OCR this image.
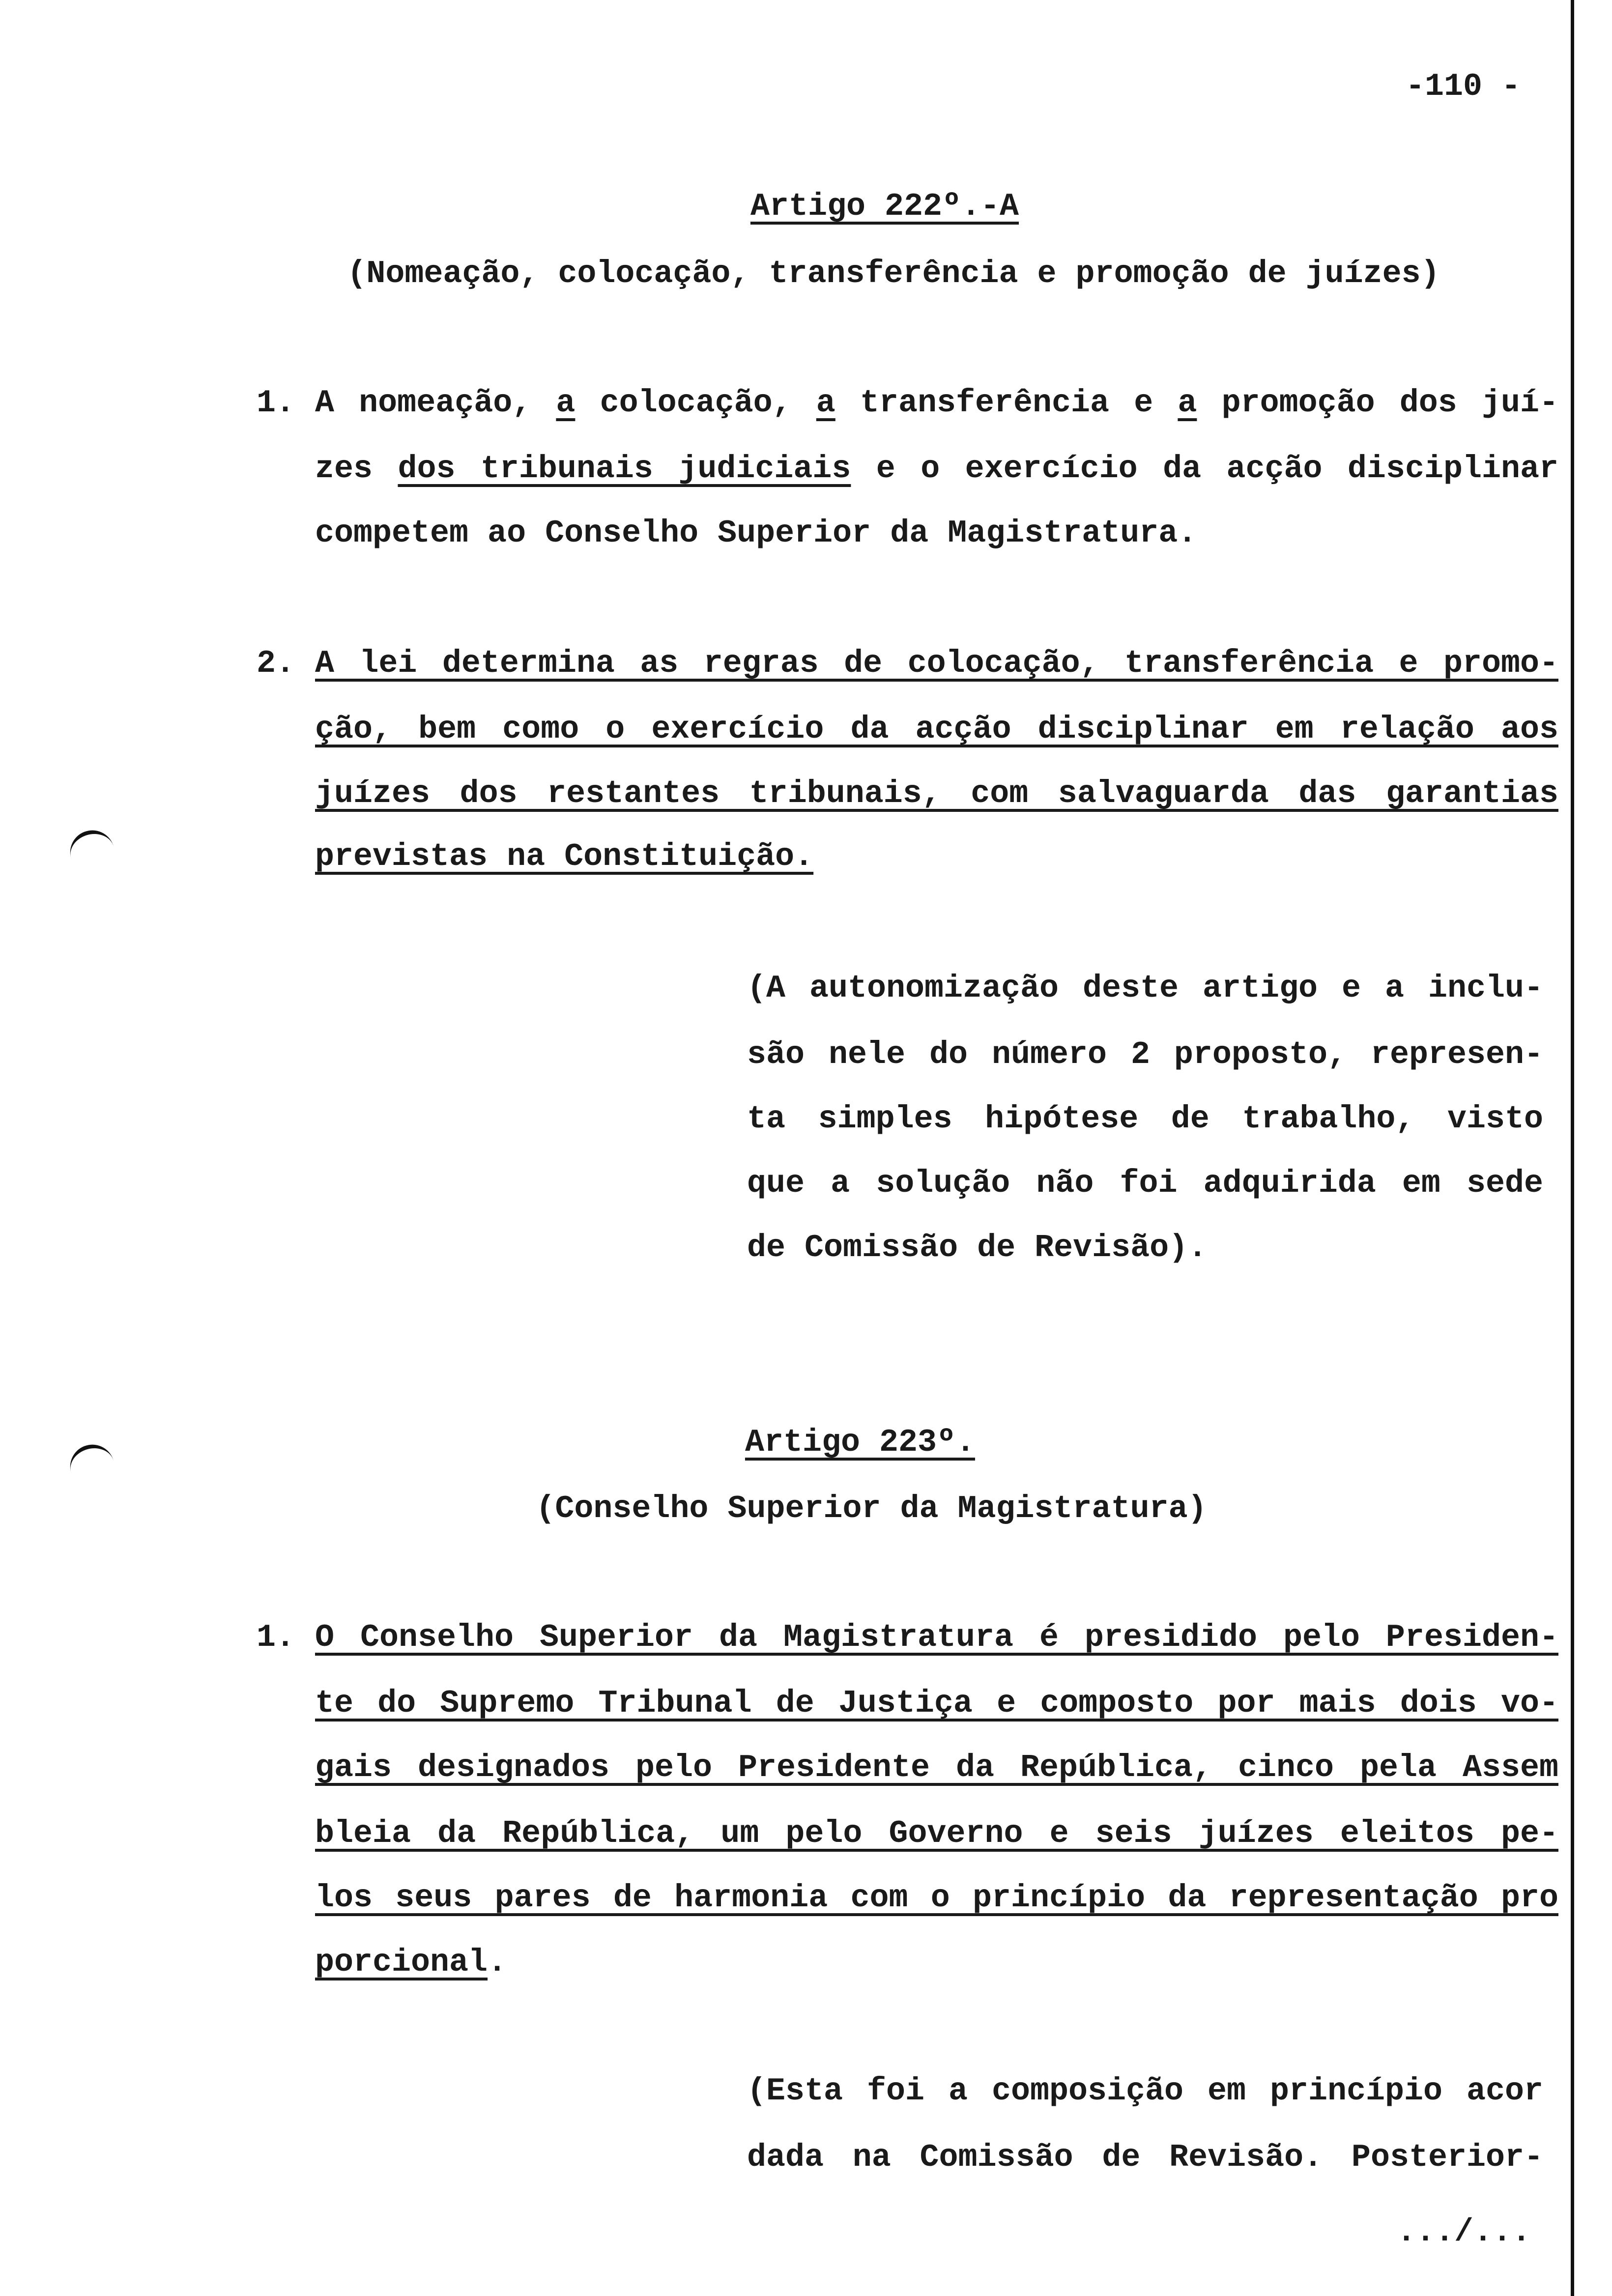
-110 -
Artigo 222º.-A
(Nomeação, colocação, transferência e promoção de juízes)
1. A nomeação, a colocação, a transferência e a promoção dos juí-
zes dos tribunais judiciais e o exercício da acção disciplinar
competem ao Conselho Superior da Magistratura.
2. A lei determina as regras de colocação, transferência e promo-
ção, bem como o exercício da acção disciplinar em relação aos
juízes dos restantes tribunais, com salvaguarda das garantias
previstas na Constituição.
(A autonomização deste artigo e a inclu-
são nele do número 2 proposto, represen-
ta simples hipótese de trabalho, visto
que a solução não foi adquirida em sede
de Comissão de Revisão).
Artigo 223º.
(Conselho Superior da Magistratura)
1. O Conselho Superior da Magistratura é presidido pelo Presiden-
te do Supremo Tribunal de Justiça e composto por mais dois vo-
gais designados pelo Presidente da República, cinco pela Assem
bleia da República, um pelo Governo e seis juízes eleitos pe-
los seus pares de harmonia com o princípio da representação pro
porcional.
(Esta foi a composição em princípio acor
dada na Comissão de Revisão. Posterior-
.../...
